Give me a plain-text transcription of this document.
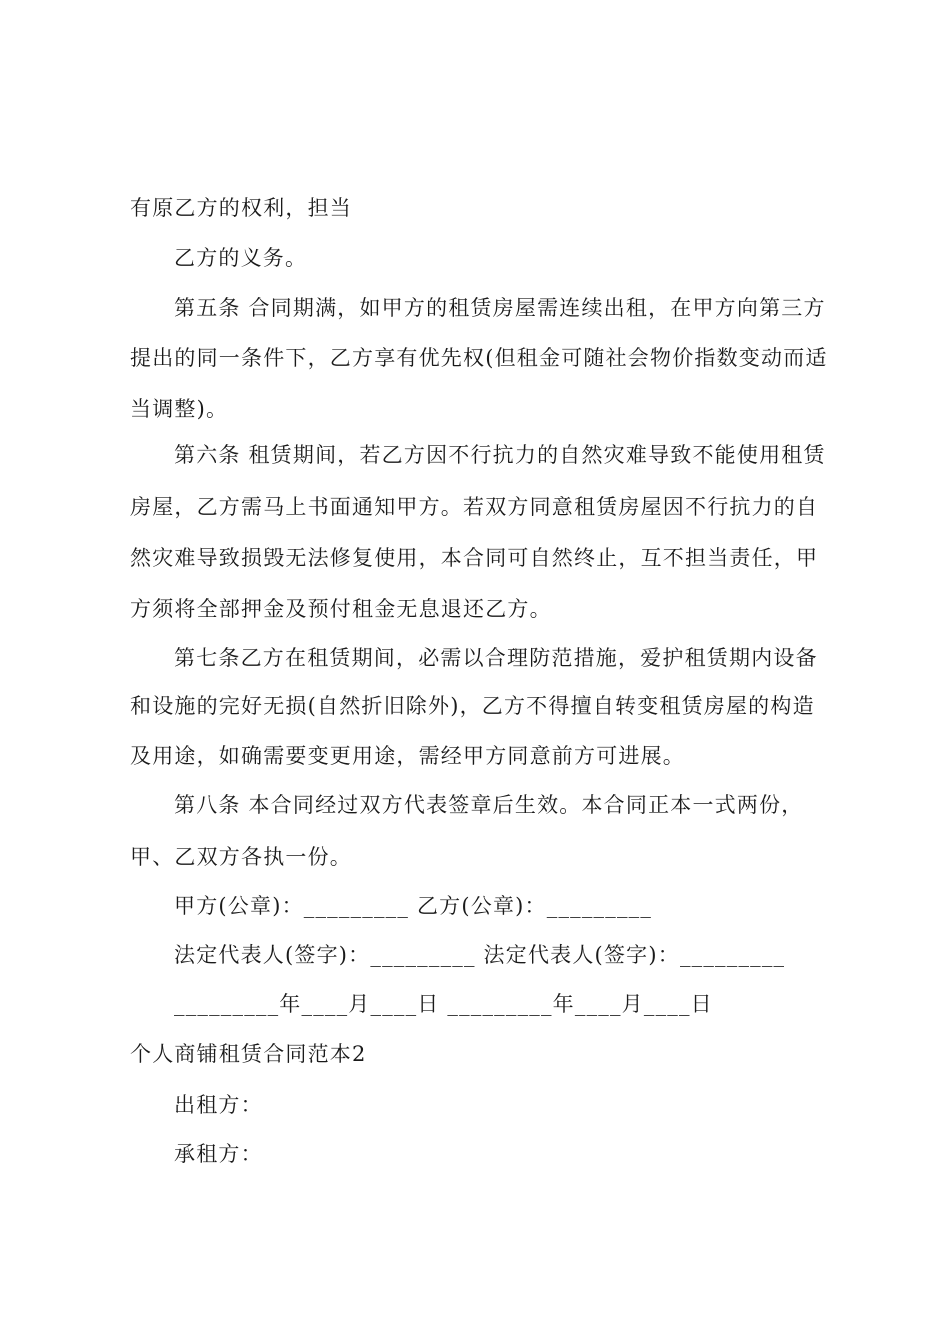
有原乙方的权利，担当
乙方的义务。
第五条 合同期满，如甲方的租赁房屋需连续出租，在甲方向第三方
提出的同一条件下，乙方享有优先权(但租金可随社会物价指数变动而适
当调整)。
第六条 租赁期间，若乙方因不行抗力的自然灾难导致不能使用租赁
房屋，乙方需马上书面通知甲方。若双方同意租赁房屋因不行抗力的自
然灾难导致损毁无法修复使用，本合同可自然终止，互不担当责任，甲
方须将全部押金及预付租金无息退还乙方。
第七条乙方在租赁期间，必需以合理防范措施，爱护租赁期内设备
和设施的完好无损(自然折旧除外)，乙方不得擅自转变租赁房屋的构造
及用途，如确需要变更用途，需经甲方同意前方可进展。
第八条 本合同经过双方代表签章后生效。本合同正本一式两份，
甲、乙双方各执一份。
甲方(公章)：_________ 乙方(公章)：_________
法定代表人(签字)：_________ 法定代表人(签字)：_________
_________年____月____日 _________年____月____日
个人商铺租赁合同范本2
出租方：
承租方：
